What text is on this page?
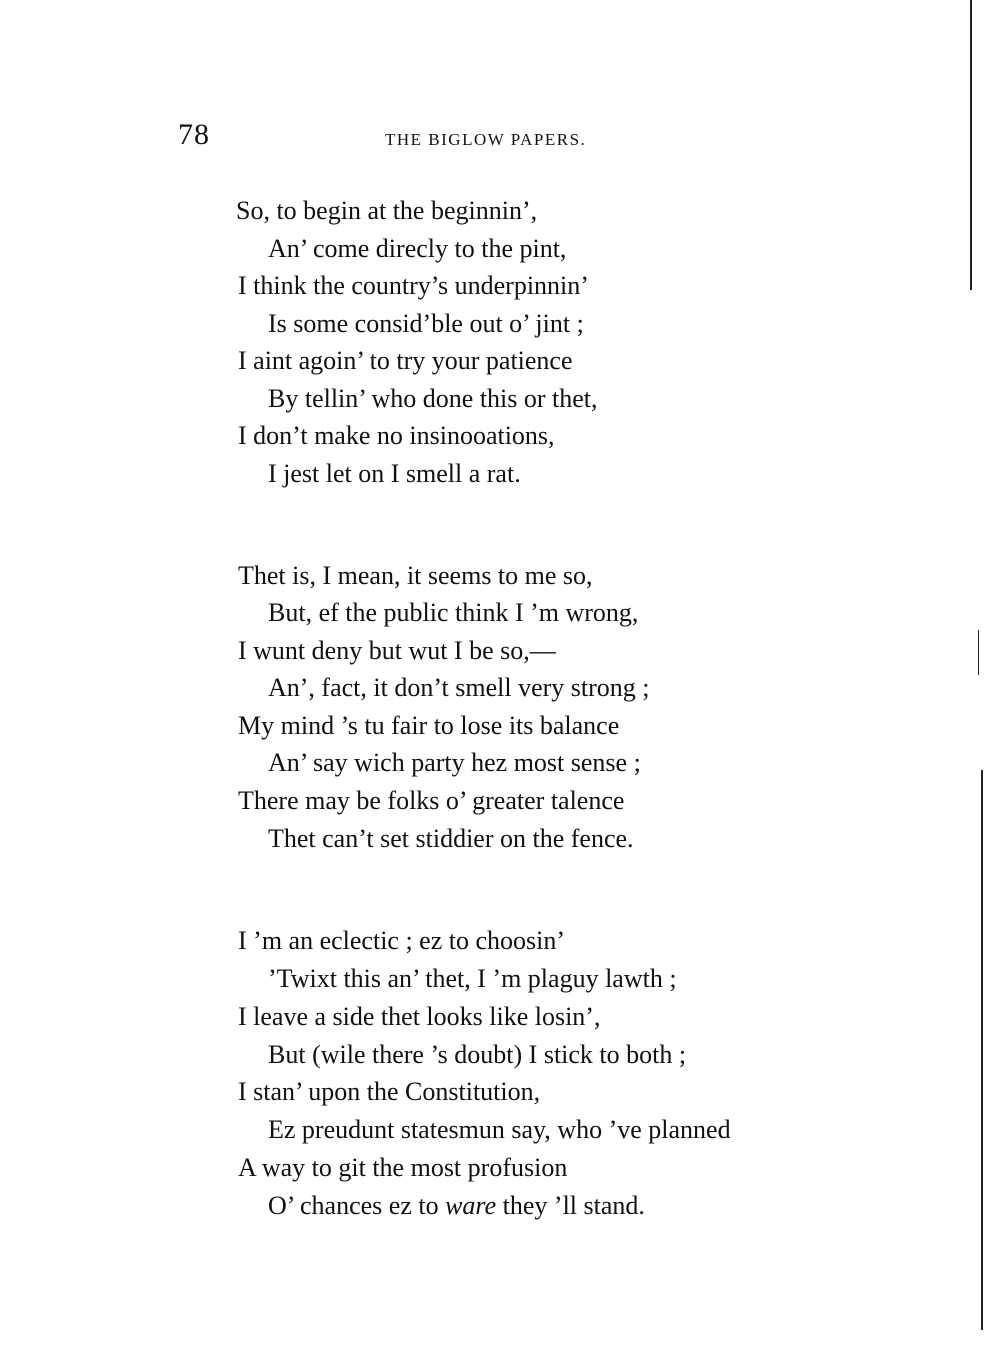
78	THE BIGLOW PAPERS.
So, to begin at the beginnin’,
An’ come direcly to the pint,
I think the country’s underpinnin’
Is some consid’ble out o’ jint ;
I aint agoin’ to try your patience
By tellin’ who done this or thet,
I don’t make no insinooations,
I jest let on I smell a rat.
Thet is, I mean, it seems to me so,
But, ef the public think I ’m wrong,
I wunt deny but wut I be so,—
An’, fact, it don’t smell very strong ;
My mind ’s tu fair to lose its balance
An’ say wich party hez most sense ;
There may be folks o’ greater talence
Thet can’t set stiddier on the fence.
I ’m an eclectic ; ez to choosin’
’Twixt this an’ thet, I ’m plaguy lawth ;
I leave a side thet looks like losin’,
But (wile there ’s doubt) I stick to both ;
I stan’ upon the Constitution,
Ez preudunt statesmun say, who ’ve planned
A way to git the most profusion
O’ chances ez to ware they ’ll stand.
